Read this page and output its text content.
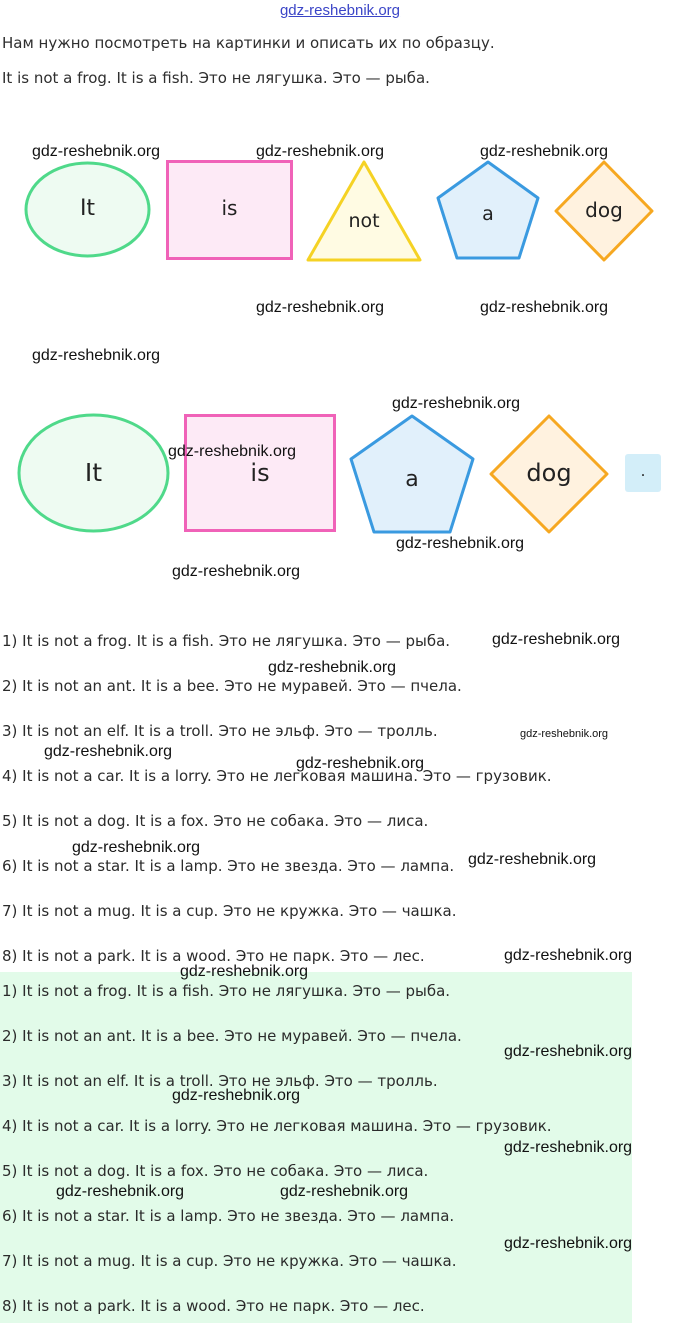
gdz-reshebnik.org
Нам нужно посмотреть на картинки и описать их по образцу.
It is not a frog. It is a fish. Это не лягушка. Это — рыба.
It	is
not	a	dog
It	is	a	dog	.
1) It is not a frog. It is a fish. Это не лягушка. Это — рыба.
2) It is not an ant. It is a bee. Это не муравей. Это — пчела.
3) It is not an elf. It is a troll. Это не эльф. Это — тролль.
4) It is not a car. It is a lorry. Это не легковая машина. Это — грузовик.
5) It is not a dog. It is a fox. Это не собака. Это — лиса.
6) It is not a star. It is a lamp. Это не звезда. Это — лампа.
7) It is not a mug. It is a cup. Это не кружка. Это — чашка.
8) It is not a park. It is a wood. Это не парк. Это — лес.
1) It is not a frog. It is a fish. Это не лягушка. Это — рыба.
2) It is not an ant. It is a bee. Это не муравей. Это — пчела.
3) It is not an elf. It is a troll. Это не эльф. Это — тролль.
4) It is not a car. It is a lorry. Это не легковая машина. Это — грузовик.
5) It is not a dog. It is a fox. Это не собака. Это — лиса.
6) It is not a star. It is a lamp. Это не звезда. Это — лампа.
7) It is not a mug. It is a cup. Это не кружка. Это — чашка.
8) It is not a park. It is a wood. Это не парк. Это — лес.
gdz-reshebnik.org	gdz-reshebnik.org	gdz-reshebnik.org
gdz-reshebnik.org	gdz-reshebnik.org
gdz-reshebnik.org
gdz-reshebnik.org
gdz-reshebnik.org
gdz-reshebnik.org
gdz-reshebnik.org
gdz-reshebnik.org
gdz-reshebnik.org
gdz-reshebnik.org
gdz-reshebnik.org
gdz-reshebnik.org
gdz-reshebnik.org
gdz-reshebnik.org
gdz-reshebnik.org
gdz-reshebnik.org
gdz-reshebnik.org
gdz-reshebnik.org
gdz-reshebnik.org
gdz-reshebnik.org	gdz-reshebnik.org
gdz-reshebnik.org
